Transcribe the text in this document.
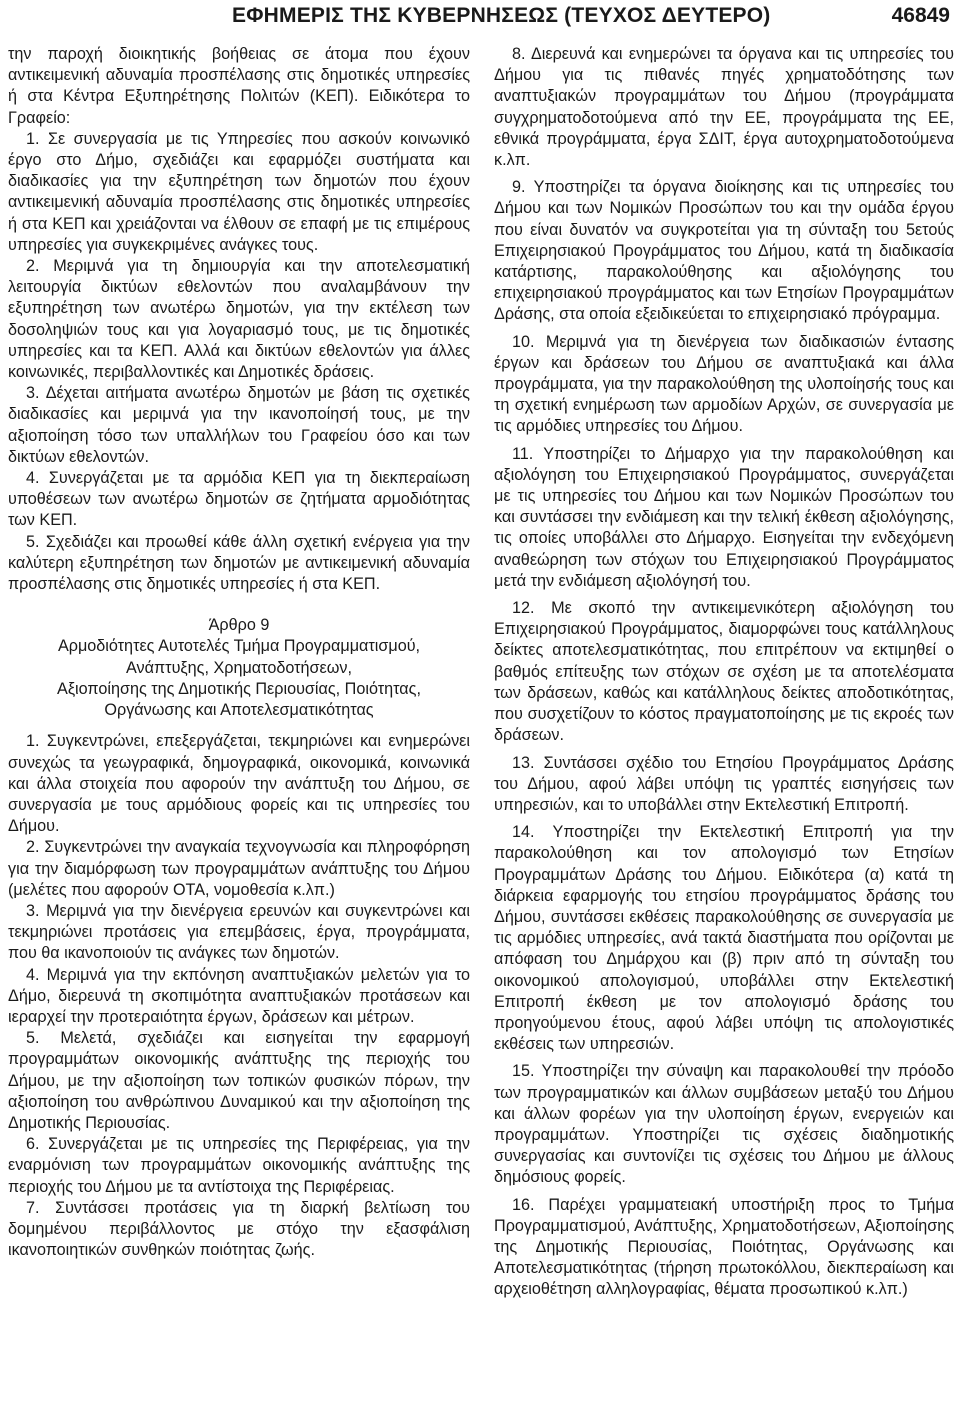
ΕΦΗΜΕΡΙΣ ΤΗΣ ΚΥΒΕΡΝΗΣΕΩΣ (ΤΕΥΧΟΣ ΔΕΥΤΕΡΟ)	46849

την παροχή διοικητικής βοήθειας σε άτομα που έχουν αντικειμενική αδυναμία προσπέλασης στις δημοτικές υπηρεσίες ή στα Κέντρα Εξυπηρέτησης Πολιτών (ΚΕΠ). Ειδικότερα το Γραφείο:

1. Σε συνεργασία με τις Υπηρεσίες που ασκούν κοινωνικό έργο στο Δήμο, σχεδιάζει και εφαρμόζει συστήματα και διαδικασίες για την εξυπηρέτηση των δημοτών που έχουν αντικειμενική αδυναμία προσπέλασης στις δημοτικές υπηρεσίες ή στα ΚΕΠ και χρειάζονται να έλθουν σε επαφή με τις επιμέρους υπηρεσίες για συγκεκριμένες ανάγκες τους.

2. Μεριμνά για τη δημιουργία και την αποτελεσματική λειτουργία δικτύων εθελοντών που αναλαμβάνουν την εξυπηρέτηση των ανωτέρω δημοτών, για την εκτέλεση των δοσοληψιών τους και για λογαριασμό τους, με τις δημοτικές υπηρεσίες και τα ΚΕΠ. Αλλά και δικτύων εθελοντών για άλλες κοινωνικές, περιβαλλοντικές και Δημοτικές δράσεις.

3. Δέχεται αιτήματα ανωτέρω δημοτών με βάση τις σχετικές διαδικασίες και μεριμνά για την ικανοποίησή τους, με την αξιοποίηση τόσο των υπαλλήλων του Γραφείου όσο και των δικτύων εθελοντών.

4. Συνεργάζεται με τα αρμόδια ΚΕΠ για τη διεκπεραίωση υποθέσεων των ανωτέρω δημοτών σε ζητήματα αρμοδιότητας των ΚΕΠ.

5. Σχεδιάζει και προωθεί κάθε άλλη σχετική ενέργεια για την καλύτερη εξυπηρέτηση των δημοτών με αντικειμενική αδυναμία προσπέλασης στις δημοτικές υπηρεσίες ή στα ΚΕΠ.

Άρθρο 9
Αρμοδιότητες Αυτοτελές Τμήμα Προγραμματισμού,
Ανάπτυξης, Χρηματοδοτήσεων,
Αξιοποίησης της Δημοτικής Περιουσίας, Ποιότητας,
Οργάνωσης και Αποτελεσματικότητας

1. Συγκεντρώνει, επεξεργάζεται, τεκμηριώνει και ενημερώνει συνεχώς τα γεωγραφικά, δημογραφικά, οικονομικά, κοινωνικά και άλλα στοιχεία που αφορούν την ανάπτυξη του Δήμου, σε συνεργασία με τους αρμόδιους φορείς και τις υπηρεσίες του Δήμου.

2. Συγκεντρώνει την αναγκαία τεχνογνωσία και πληροφόρηση για την διαμόρφωση των προγραμμάτων ανάπτυξης του Δήμου (μελέτες που αφορούν ΟΤΑ, νομοθεσία κ.λπ.)

3. Μεριμνά για την διενέργεια ερευνών και συγκεντρώνει και τεκμηριώνει προτάσεις για επεμβάσεις, έργα, προγράμματα, που θα ικανοποιούν τις ανάγκες των δημοτών.

4. Μεριμνά για την εκπόνηση αναπτυξιακών μελετών για το Δήμο, διερευνά τη σκοπιμότητα αναπτυξιακών προτάσεων και ιεραρχεί την προτεραιότητα έργων, δράσεων και μέτρων.

5. Μελετά, σχεδιάζει και εισηγείται την εφαρμογή προγραμμάτων οικονομικής ανάπτυξης της περιοχής του Δήμου, με την αξιοποίηση των τοπικών φυσικών πόρων, την αξιοποίηση του ανθρώπινου Δυναμικού και την αξιοποίηση της Δημοτικής Περιουσίας.

6. Συνεργάζεται με τις υπηρεσίες της Περιφέρειας, για την εναρμόνιση των προγραμμάτων οικονομικής ανάπτυξης της περιοχής του Δήμου με τα αντίστοιχα της Περιφέρειας.

7. Συντάσσει προτάσεις για τη διαρκή βελτίωση του δομημένου περιβάλλοντος με στόχο την εξασφάλιση ικανοποιητικών συνθηκών ποιότητας ζωής.

8. Διερευνά και ενημερώνει τα όργανα και τις υπηρεσίες του Δήμου για τις πιθανές πηγές χρηματοδότησης των αναπτυξιακών προγραμμάτων του Δήμου (προγράμματα συγχρηματοδοτούμενα από την ΕΕ, προγράμματα της ΕΕ, εθνικά προγράμματα, έργα ΣΔΙΤ, έργα αυτοχρηματοδοτούμενα κ.λπ.

9. Υποστηρίζει τα όργανα διοίκησης και τις υπηρεσίες του Δήμου και των Νομικών Προσώπων του και την ομάδα έργου που είναι δυνατόν να συγκροτείται για τη σύνταξη του 5ετούς Επιχειρησιακού Προγράμματος του Δήμου, κατά τη διαδικασία κατάρτισης, παρακολούθησης και αξιολόγησης του επιχειρησιακού προγράμματος και των Ετησίων Προγραμμάτων Δράσης, στα οποία εξειδικεύεται το επιχειρησιακό πρόγραμμα.

10. Μεριμνά για τη διενέργεια των διαδικασιών έντασης έργων και δράσεων του Δήμου σε αναπτυξιακά και άλλα προγράμματα, για την παρακολούθηση της υλοποίησής τους και τη σχετική ενημέρωση των αρμοδίων Αρχών, σε συνεργασία με τις αρμόδιες υπηρεσίες του Δήμου.

11. Υποστηρίζει το Δήμαρχο για την παρακολούθηση και αξιολόγηση του Επιχειρησιακού Προγράμματος, συνεργάζεται με τις υπηρεσίες του Δήμου και των Νομικών Προσώπων του και συντάσσει την ενδιάμεση και την τελική έκθεση αξιολόγησης, τις οποίες υποβάλλει στο Δήμαρχο. Εισηγείται την ενδεχόμενη αναθεώρηση των στόχων του Επιχειρησιακού Προγράμματος μετά την ενδιάμεση αξιολόγησή του.

12. Με σκοπό την αντικειμενικότερη αξιολόγηση του Επιχειρησιακού Προγράμματος, διαμορφώνει τους κατάλληλους δείκτες αποτελεσματικότητας, που επιτρέπουν να εκτιμηθεί ο βαθμός επίτευξης των στόχων σε σχέση με τα αποτελέσματα των δράσεων, καθώς και κατάλληλους δείκτες αποδοτικότητας, που συσχετίζουν το κόστος πραγματοποίησης με τις εκροές των δράσεων.

13. Συντάσσει σχέδιο του Ετησίου Προγράμματος Δράσης του Δήμου, αφού λάβει υπόψη τις γραπτές εισηγήσεις των υπηρεσιών, και το υποβάλλει στην Εκτελεστική Επιτροπή.

14. Υποστηρίζει την Εκτελεστική Επιτροπή για την παρακολούθηση και τον απολογισμό των Ετησίων Προγραμμάτων Δράσης του Δήμου. Ειδικότερα (α) κατά τη διάρκεια εφαρμογής του ετησίου προγράμματος δράσης του Δήμου, συντάσσει εκθέσεις παρακολούθησης σε συνεργασία με τις αρμόδιες υπηρεσίες, ανά τακτά διαστήματα που ορίζονται με απόφαση του Δημάρχου και (β) πριν από τη σύνταξη του οικονομικού απολογισμού, υποβάλλει στην Εκτελεστική Επιτροπή έκθεση με τον απολογισμό δράσης του προηγούμενου έτους, αφού λάβει υπόψη τις απολογιστικές εκθέσεις των υπηρεσιών.

15. Υποστηρίζει την σύναψη και παρακολουθεί την πρόοδο των προγραμματικών και άλλων συμβάσεων μεταξύ του Δήμου και άλλων φορέων για την υλοποίηση έργων, ενεργειών και προγραμμάτων. Υποστηρίζει τις σχέσεις διαδημοτικής συνεργασίας και συντονίζει τις σχέσεις του Δήμου με άλλους δημόσιους φορείς.

16. Παρέχει γραμματειακή υποστήριξη προς το Τμήμα Προγραμματισμού, Ανάπτυξης, Χρηματοδοτήσεων, Αξιοποίησης της Δημοτικής Περιουσίας, Ποιότητας, Οργάνωσης και Αποτελεσματικότητας (τήρηση πρωτοκόλλου, διεκπεραίωση και αρχειοθέτηση αλληλογραφίας, θέματα προσωπικού κ.λπ.)
